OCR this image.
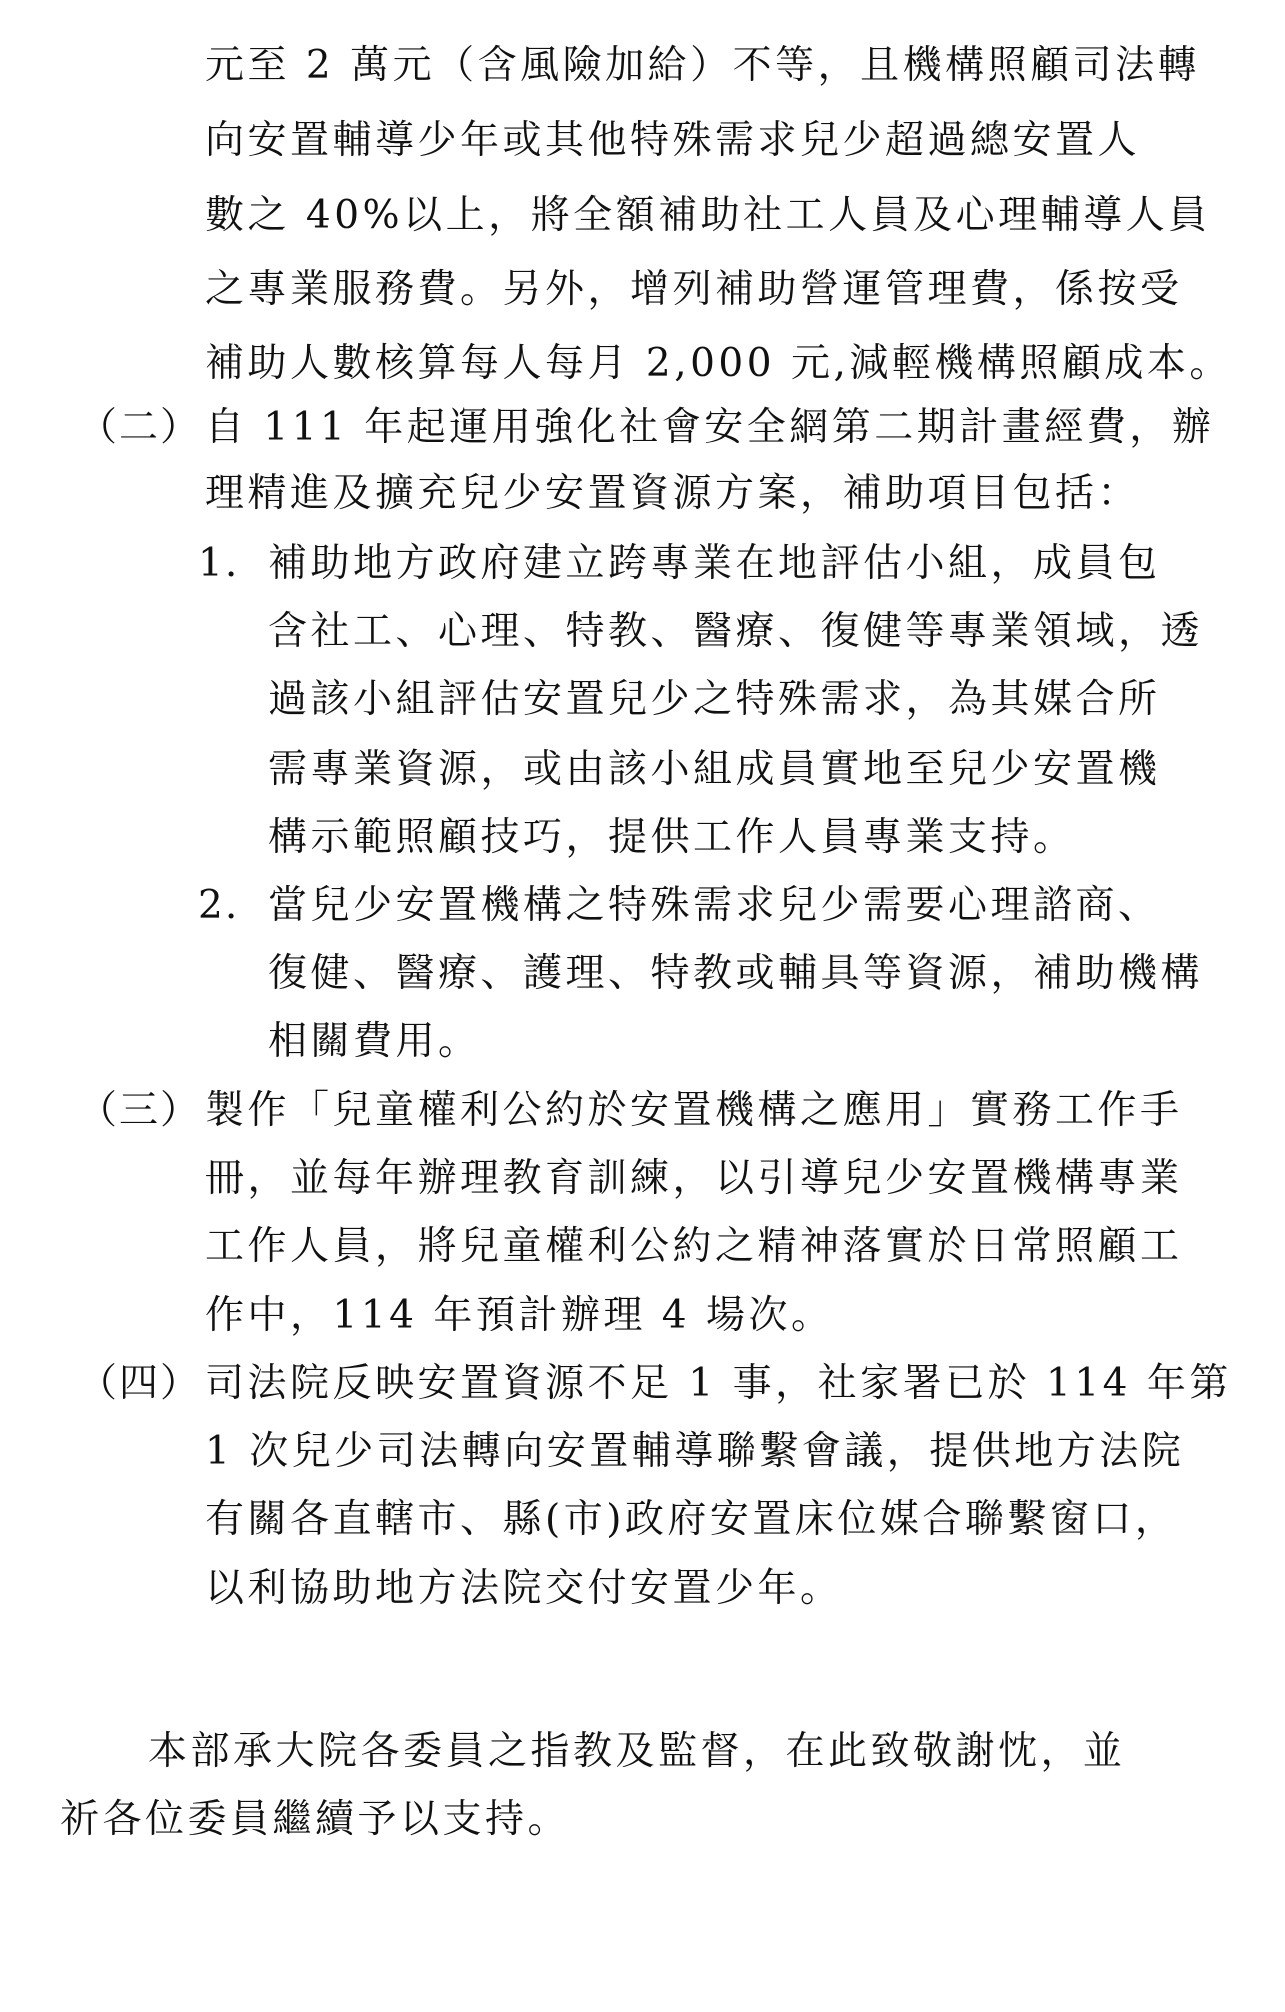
元至 2 萬元（含風險加給）不等，且機構照顧司法轉
向安置輔導少年或其他特殊需求兒少超過總安置人
數之 40%以上，將全額補助社工人員及心理輔導人員
之專業服務費。另外，增列補助營運管理費，係按受
補助人數核算每人每月 2,000 元,減輕機構照顧成本。
（二） 自 111 年起運用強化社會安全網第二期計畫經費，辦
理精進及擴充兒少安置資源方案，補助項目包括：
1. 補助地方政府建立跨專業在地評估小組，成員包
含社工、心理、特教、醫療、復健等專業領域，透
過該小組評估安置兒少之特殊需求，為其媒合所
需專業資源，或由該小組成員實地至兒少安置機
構示範照顧技巧，提供工作人員專業支持。
2. 當兒少安置機構之特殊需求兒少需要心理諮商、
復健、醫療、護理、特教或輔具等資源，補助機構
相關費用。
（三） 製作「兒童權利公約於安置機構之應用」實務工作手
冊，並每年辦理教育訓練，以引導兒少安置機構專業
工作人員，將兒童權利公約之精神落實於日常照顧工
作中，114 年預計辦理 4 場次。
（四） 司法院反映安置資源不足 1 事，社家署已於 114 年第
1 次兒少司法轉向安置輔導聯繫會議，提供地方法院
有關各直轄市、縣(市)政府安置床位媒合聯繫窗口，
以利協助地方法院交付安置少年。
本部承大院各委員之指教及監督，在此致敬謝忱，並
祈各位委員繼續予以支持。
